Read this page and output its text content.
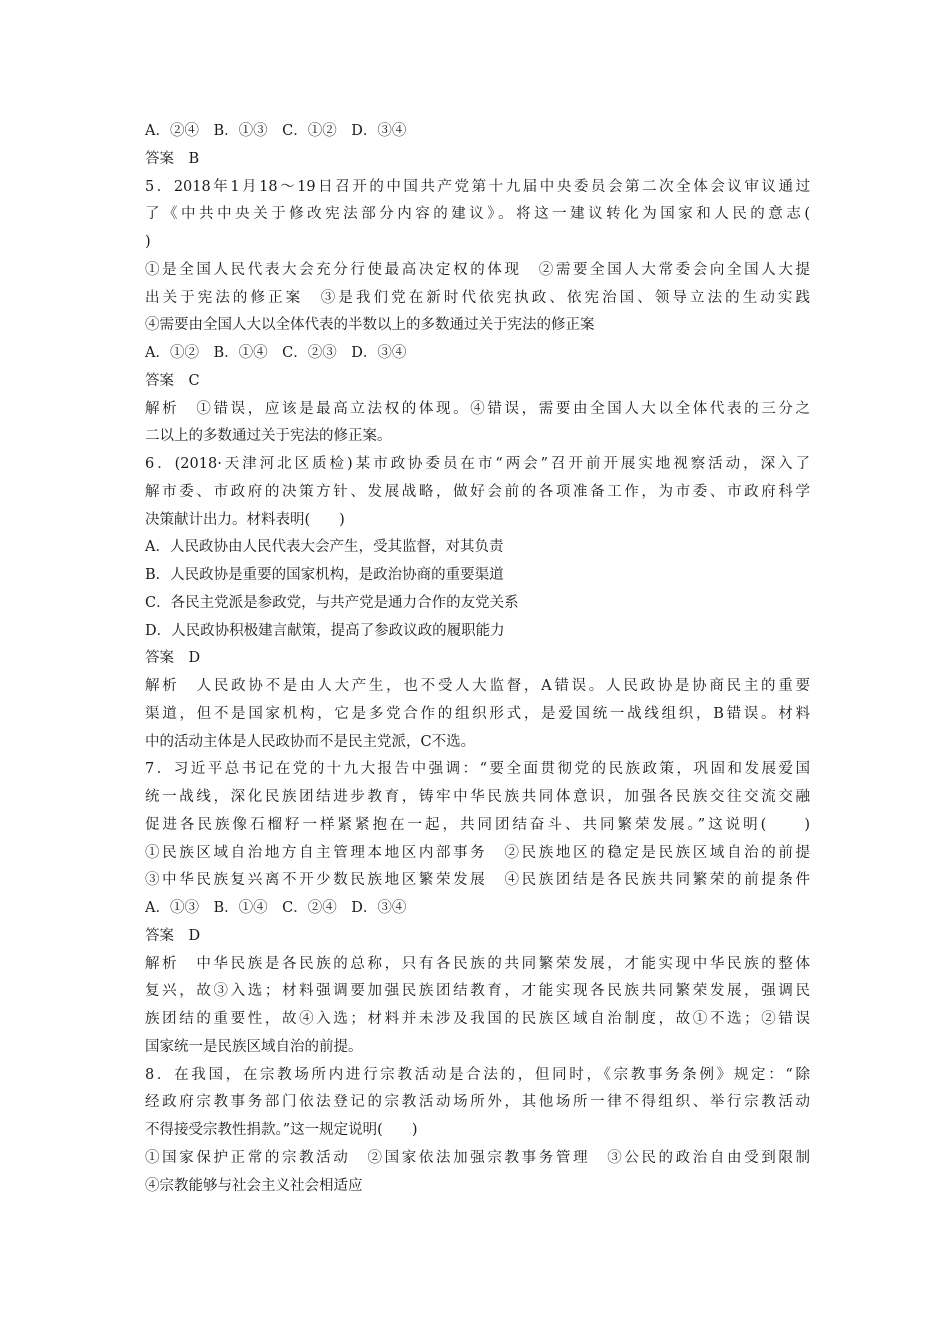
A．②④　B．①③　C．①②　D．③④
答案　B
5．2018年1月18～19日召开的中国共产党第十九届中央委员会第二次全体会议审议通过
了《中共中央关于修改宪法部分内容的建议》。将这一建议转化为国家和人民的意志(
)
①是全国人民代表大会充分行使最高决定权的体现　②需要全国人大常委会向全国人大提
出关于宪法的修正案　③是我们党在新时代依宪执政、依宪治国、领导立法的生动实践
④需要由全国人大以全体代表的半数以上的多数通过关于宪法的修正案
A．①②　B．①④　C．②③　D．③④
答案　C
解析　①错误，应该是最高立法权的体现。④错误，需要由全国人大以全体代表的三分之
二以上的多数通过关于宪法的修正案。
6．(2018·天津河北区质检)某市政协委员在市“两会”召开前开展实地视察活动，深入了
解市委、市政府的决策方针、发展战略，做好会前的各项准备工作，为市委、市政府科学
决策献计出力。材料表明(　　)
A．人民政协由人民代表大会产生，受其监督，对其负责
B．人民政协是重要的国家机构，是政治协商的重要渠道
C．各民主党派是参政党，与共产党是通力合作的友党关系
D．人民政协积极建言献策，提高了参政议政的履职能力
答案　D
解析　人民政协不是由人大产生，也不受人大监督，A错误。人民政协是协商民主的重要
渠道，但不是国家机构，它是多党合作的组织形式，是爱国统一战线组织，B错误。材料
中的活动主体是人民政协而不是民主党派，C不选。
7．习近平总书记在党的十九大报告中强调：“要全面贯彻党的民族政策，巩固和发展爱国
统一战线，深化民族团结进步教育，铸牢中华民族共同体意识，加强各民族交往交流交融
促进各民族像石榴籽一样紧紧抱在一起，共同团结奋斗、共同繁荣发展。”这说明(　　)
①民族区域自治地方自主管理本地区内部事务　②民族地区的稳定是民族区域自治的前提
③中华民族复兴离不开少数民族地区繁荣发展　④民族团结是各民族共同繁荣的前提条件
A．①③　B．①④　C．②④　D．③④
答案　D
解析　中华民族是各民族的总称，只有各民族的共同繁荣发展，才能实现中华民族的整体
复兴，故③入选；材料强调要加强民族团结教育，才能实现各民族共同繁荣发展，强调民
族团结的重要性，故④入选；材料并未涉及我国的民族区域自治制度，故①不选；②错误
国家统一是民族区域自治的前提。
8．在我国，在宗教场所内进行宗教活动是合法的，但同时，《宗教事务条例》规定：“除
经政府宗教事务部门依法登记的宗教活动场所外，其他场所一律不得组织、举行宗教活动
不得接受宗教性捐款。”这一规定说明(　　)
①国家保护正常的宗教活动　②国家依法加强宗教事务管理　③公民的政治自由受到限制
④宗教能够与社会主义社会相适应
